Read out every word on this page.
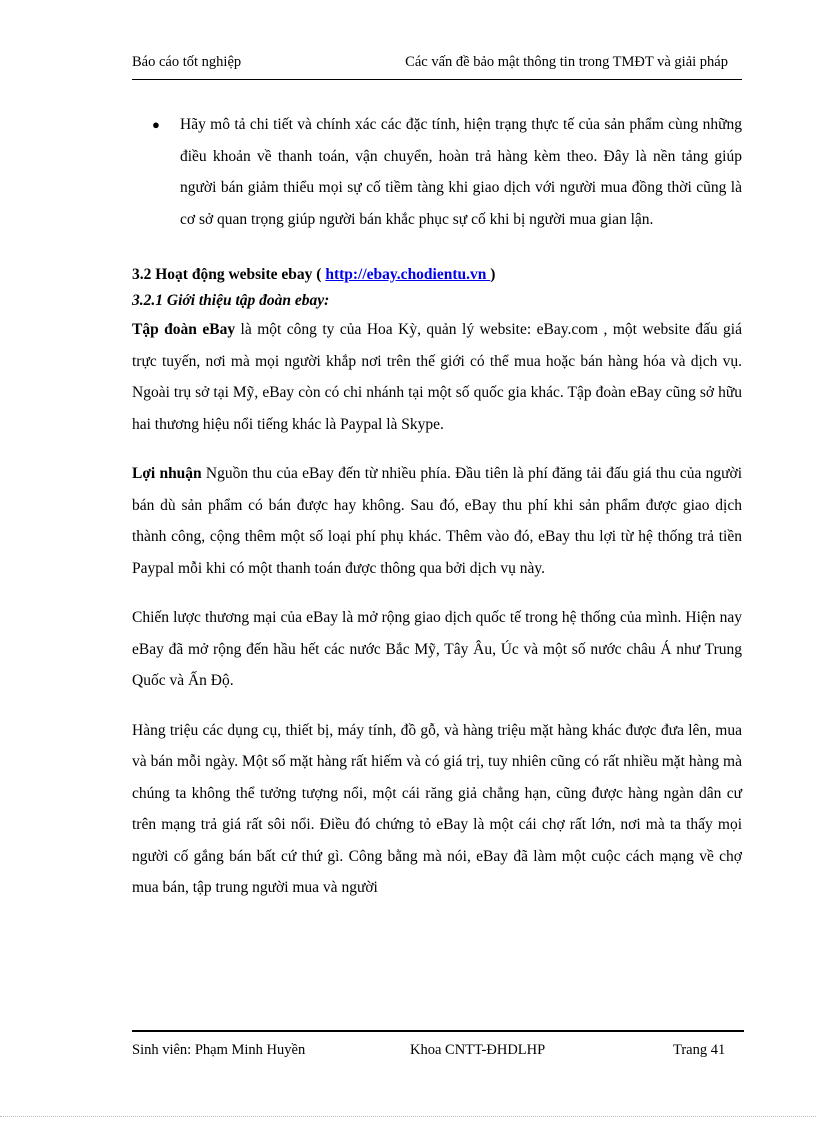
Báo cáo tốt nghiệp	Các vấn đề bảo mật thông tin trong TMĐT và giải pháp
● Hãy mô tả chi tiết và chính xác các đặc tính, hiện trạng thực tế của sản phẩm cùng những điều khoản về thanh toán, vận chuyển, hoàn trả hàng kèm theo. Đây là nền tảng giúp người bán giảm thiểu mọi sự cố tiềm tàng khi giao dịch với người mua đồng thời cũng là cơ sở quan trọng giúp người bán khắc phục sự cố khi bị người mua gian lận.
3.2 Hoạt động website ebay ( http://ebay.chodientu.vn )
3.2.1 Giới thiệu tập đoàn ebay:

Tập đoàn eBay là một công ty của Hoa Kỳ, quản lý website: eBay.com , một website đấu giá trực tuyến, nơi mà mọi người khắp nơi trên thế giới có thể mua hoặc bán hàng hóa và dịch vụ. Ngoài trụ sở tại Mỹ, eBay còn có chi nhánh tại một số quốc gia khác. Tập đoàn eBay cũng sở hữu hai thương hiệu nổi tiếng khác là Paypal là Skype.

Lợi nhuận Nguồn thu của eBay đến từ nhiều phía. Đầu tiên là phí đăng tải đấu giá thu của người bán dù sản phẩm có bán được hay không. Sau đó, eBay thu phí khi sản phẩm được giao dịch thành công, cộng thêm một số loại phí phụ khác. Thêm vào đó, eBay thu lợi từ hệ thống trả tiền Paypal mỗi khi có một thanh toán được thông qua bởi dịch vụ này.

Chiến lược thương mại của eBay là mở rộng giao dịch quốc tế trong hệ thống của mình. Hiện nay eBay đã mở rộng đến hầu hết các nước Bắc Mỹ, Tây Âu, Úc và một số nước châu Á như Trung Quốc và Ấn Độ.

Hàng triệu các dụng cụ, thiết bị, máy tính, đồ gỗ, và hàng triệu mặt hàng khác được đưa lên, mua và bán mỗi ngày. Một số mặt hàng rất hiếm và có giá trị, tuy nhiên cũng có rất nhiều mặt hàng mà chúng ta không thể tưởng tượng nổi, một cái răng giả chẳng hạn, cũng được hàng ngàn dân cư trên mạng trả giá rất sôi nổi. Điều đó chứng tỏ eBay là một cái chợ rất lớn, nơi mà ta thấy mọi người cố gắng bán bất cứ thứ gì. Công bằng mà nói, eBay đã làm một cuộc cách mạng về chợ mua bán, tập trung người mua và người

Sinh viên: Phạm Minh Huyền	Khoa CNTT-ĐHDLHP	Trang 41
